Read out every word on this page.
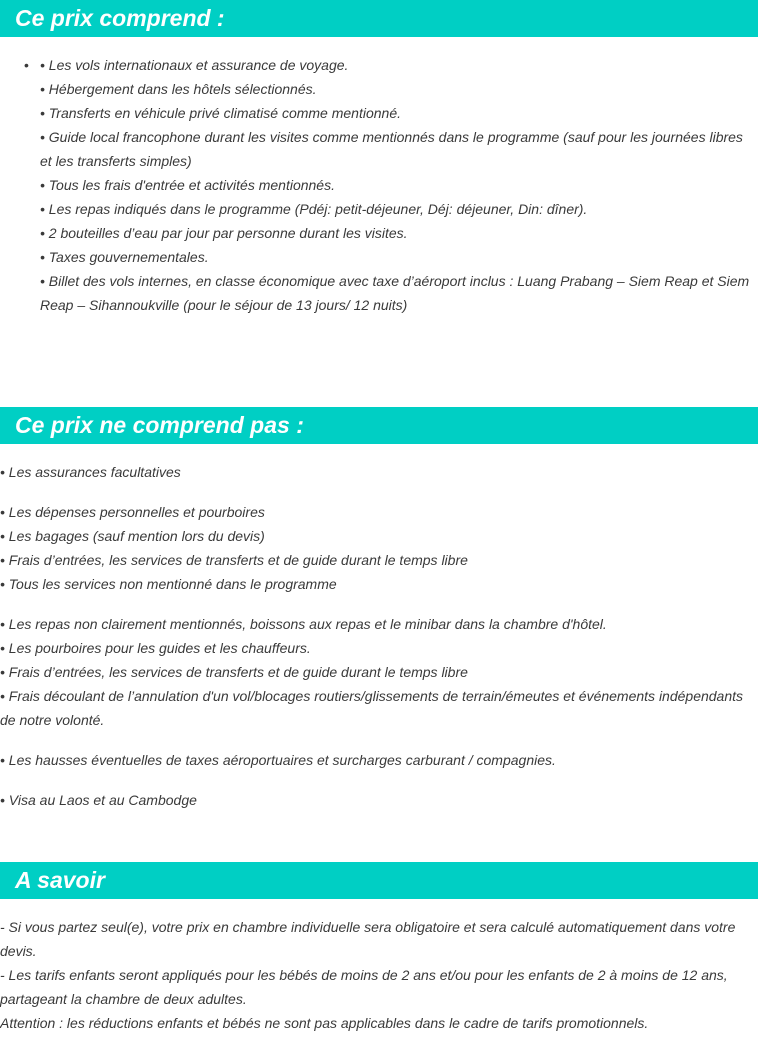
Ce prix comprend :
• • Les vols internationaux et assurance de voyage.
• Hébergement dans les hôtels sélectionnés.
• Transferts en véhicule privé climatisé comme mentionné.
• Guide local francophone durant les visites comme mentionnés dans le programme (sauf pour les journées libres et les transferts simples)
• Tous les frais d'entrée et activités mentionnés.
• Les repas indiqués dans le programme (Pdéj: petit-déjeuner, Déj: déjeuner, Din: dîner).
• 2 bouteilles d’eau par jour par personne durant les visites.
• Taxes gouvernementales.
• Billet des vols internes, en classe économique avec taxe d’aéroport inclus : Luang Prabang – Siem Reap et Siem Reap – Sihannoukville (pour le séjour de 13 jours/ 12 nuits)
Ce prix ne comprend pas :
• Les assurances facultatives
• Les dépenses personnelles et pourboires
• Les bagages (sauf mention lors du devis)
• Frais d’entrées, les services de transferts et de guide durant le temps libre
• Tous les services non mentionné dans le programme
• Les repas non clairement mentionnés, boissons aux repas et le minibar dans la chambre d'hôtel.
• Les pourboires pour les guides et les chauffeurs.
• Frais d’entrées, les services de transferts et de guide durant le temps libre
• Frais découlant de l’annulation d'un vol/blocages routiers/glissements de terrain/émeutes et événements indépendants de notre volonté.
• Les hausses éventuelles de taxes aéroportuaires et surcharges carburant / compagnies.
• Visa au Laos et au Cambodge
A savoir
- Si vous partez seul(e), votre prix en chambre individuelle sera obligatoire et sera calculé automatiquement dans votre devis.
- Les tarifs enfants seront appliqués pour les bébés de moins de 2 ans et/ou pour les enfants de 2 à moins de 12 ans, partageant la chambre de deux adultes.
Attention : les réductions enfants et bébés ne sont pas applicables dans le cadre de tarifs promotionnels.
